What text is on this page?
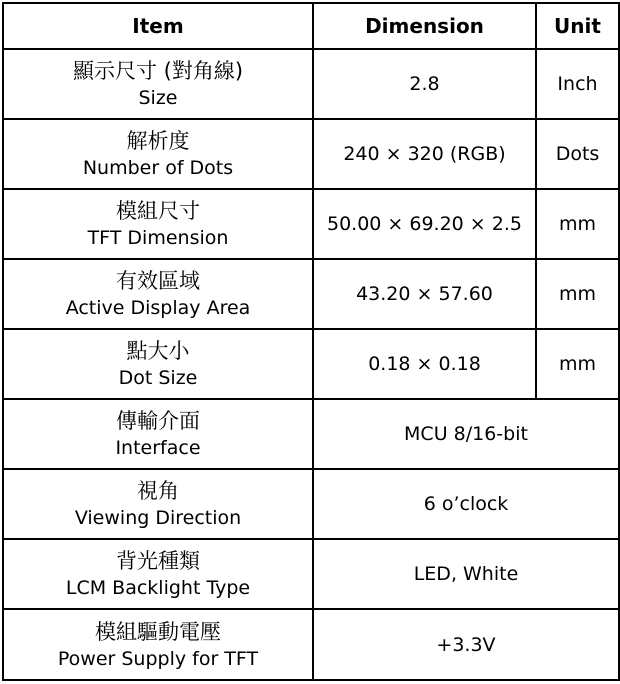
Item	Dimension	Unit

顯示尺寸 (對角線)
Size	2.8	Inch

解析度
Number of Dots	240 × 320 (RGB)	Dots

模組尺寸
TFT Dimension	50.00 × 69.20 × 2.5	mm

有效區域
Active Display Area	43.20 × 57.60	mm

點大小
Dot Size	0.18 × 0.18	mm

傳輸介面
Interface	MCU 8/16-bit	

視角
Viewing Direction	6 o’clock	

背光種類
LCM Backlight Type	LED, White	

模組驅動電壓
Power Supply for TFT	+3.3V	
